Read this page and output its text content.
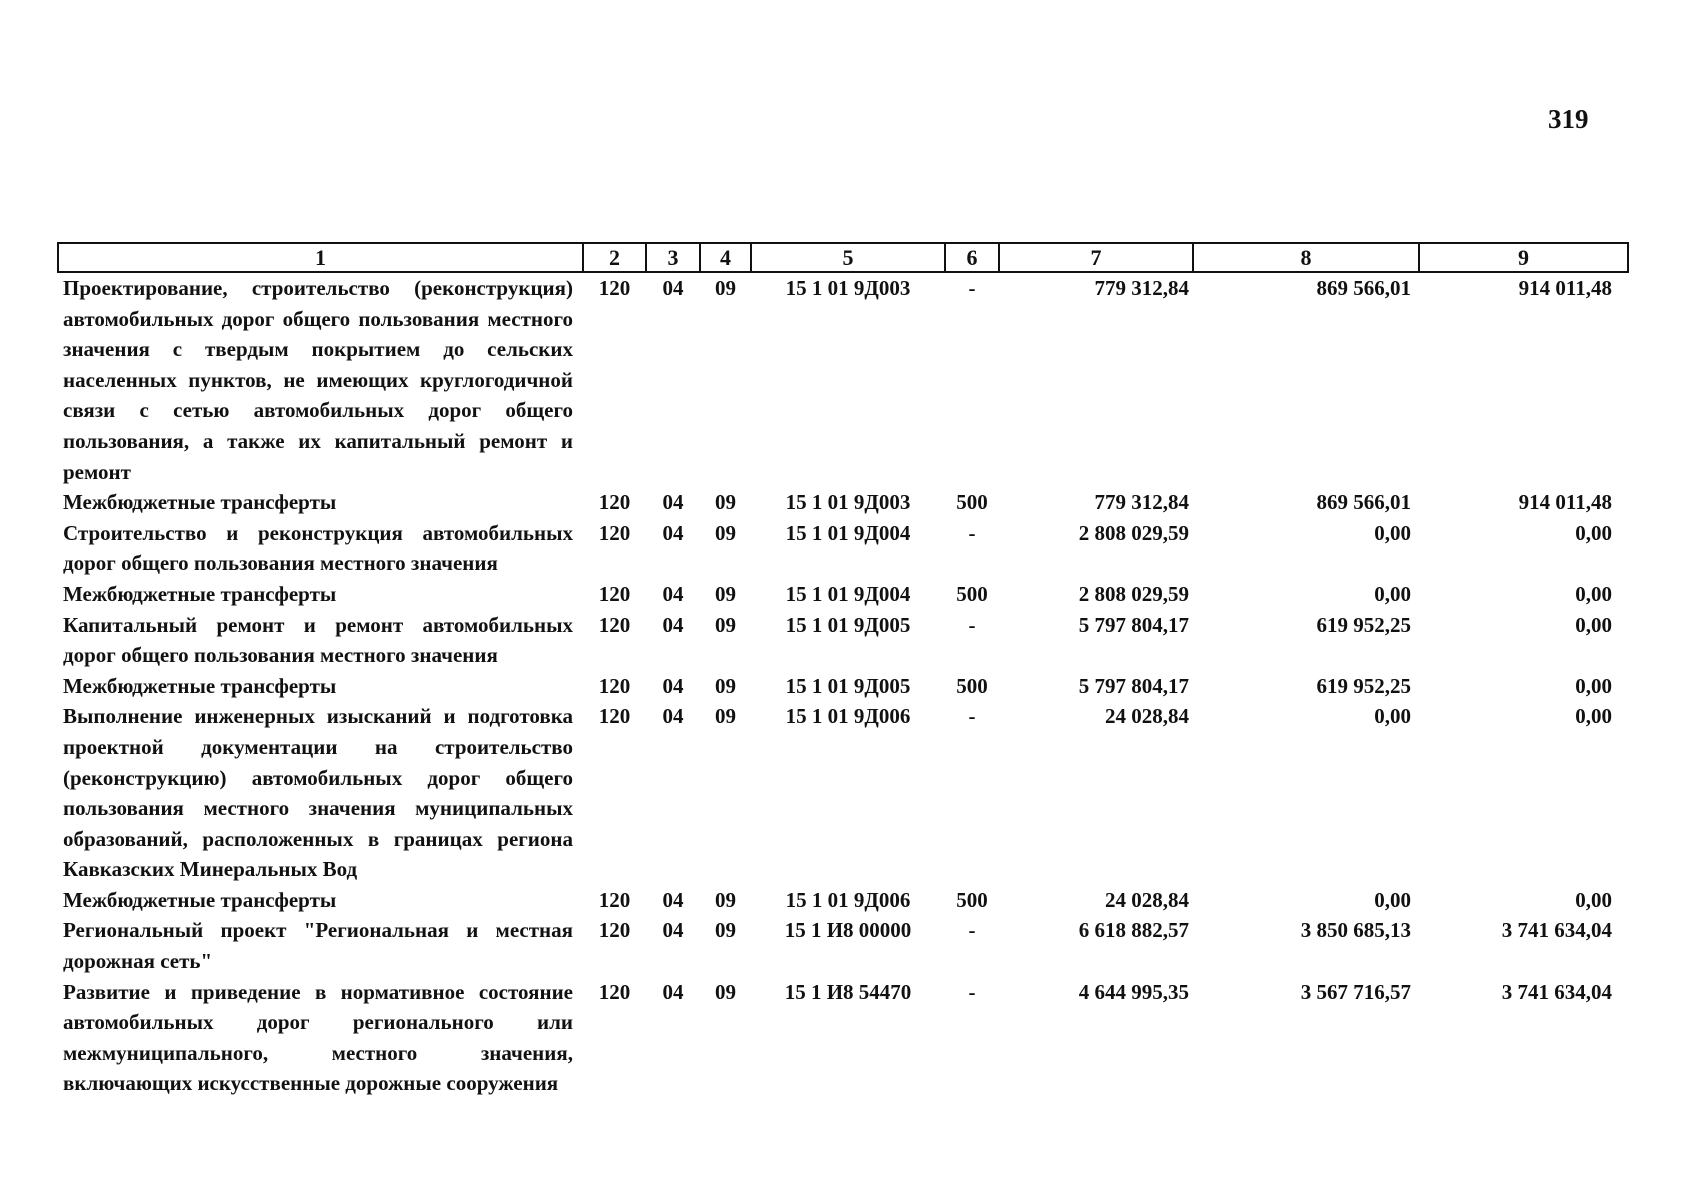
319
1	2	3	4	5	6	7	8	9
Проектирование, строительство (реконструкция) автомобильных дорог общего пользования местного значения с твердым покрытием до сельских населенных пунктов, не имеющих круглогодичной связи с сетью автомобильных дорог общего пользования, а также их капитальный ремонт и ремонт	120	04	09	15 1 01 9Д003	-	779 312,84	869 566,01	914 011,48
Межбюджетные трансферты	120	04	09	15 1 01 9Д003	500	779 312,84	869 566,01	914 011,48
Строительство и реконструкция автомобильных дорог общего пользования местного значения	120	04	09	15 1 01 9Д004	-	2 808 029,59	0,00	0,00
Межбюджетные трансферты	120	04	09	15 1 01 9Д004	500	2 808 029,59	0,00	0,00
Капитальный ремонт и ремонт автомобильных дорог общего пользования местного значения	120	04	09	15 1 01 9Д005	-	5 797 804,17	619 952,25	0,00
Межбюджетные трансферты	120	04	09	15 1 01 9Д005	500	5 797 804,17	619 952,25	0,00
Выполнение инженерных изысканий и подготовка проектной документации на строительство (реконструкцию) автомобильных дорог общего пользования местного значения муниципальных образований, расположенных в границах региона Кавказских Минеральных Вод	120	04	09	15 1 01 9Д006	-	24 028,84	0,00	0,00
Межбюджетные трансферты	120	04	09	15 1 01 9Д006	500	24 028,84	0,00	0,00
Региональный проект "Региональная и местная дорожная сеть"	120	04	09	15 1 И8 00000	-	6 618 882,57	3 850 685,13	3 741 634,04
Развитие и приведение в нормативное состояние автомобильных дорог регионального или межмуниципального, местного значения, включающих искусственные дорожные сооружения	120	04	09	15 1 И8 54470	-	4 644 995,35	3 567 716,57	3 741 634,04
